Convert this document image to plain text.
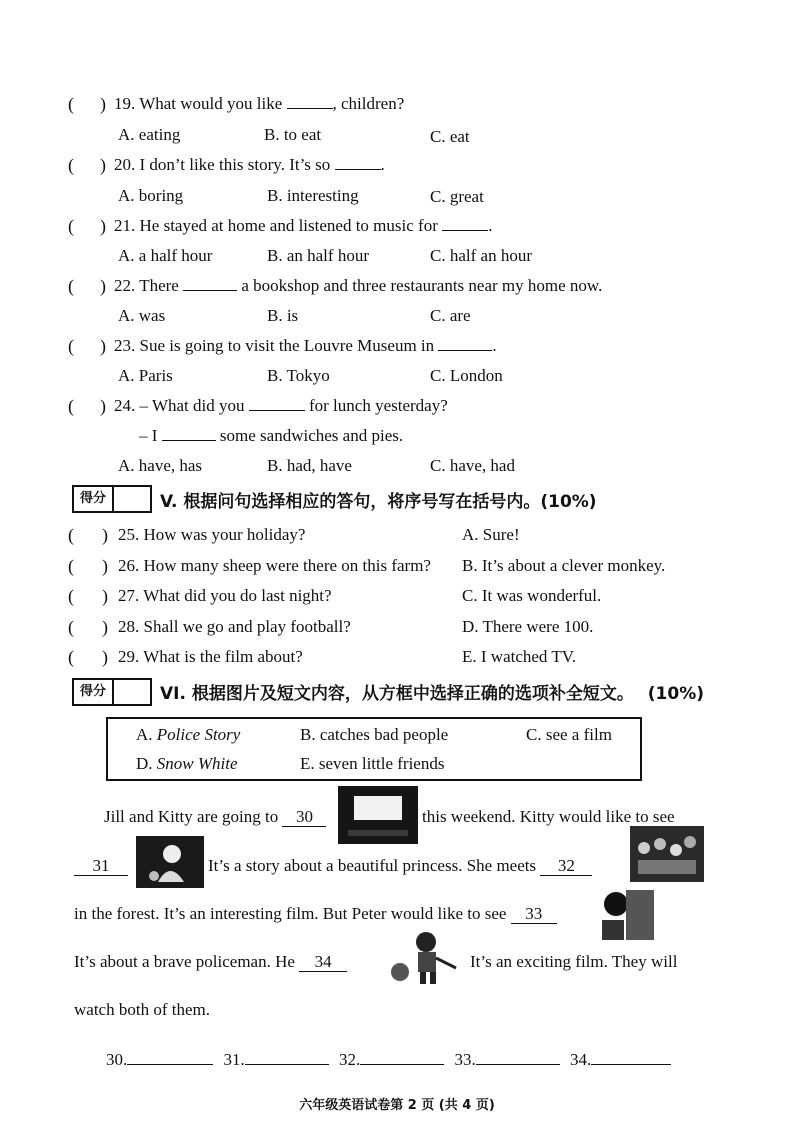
( ) 19. What would you like	, children?
A. eating	B. to eat	C. eat
( ) 20. I don’t like this story. It’s so	.
A. boring	B. interesting	C. great
( ) 21. He stayed at home and listened to music for	.
A. a half hour	B. an half hour	C. half an hour
( ) 22. There	a bookshop and three restaurants near my home now.
A. was	B. is	C. are
( ) 23. Sue is going to visit the Louvre Museum in	.
A. Paris	B. Tokyo	C. London
( ) 24. – What did you	for lunch yesterday?
– I	some sandwiches and pies.
A. have, has	B. had, have	C. have, had
得分	V. 根据问句选择相应的答句，将序号写在括号内。(10%)
( ) 25. How was your holiday?	A. Sure!
( ) 26. How many sheep were there on this farm? B. It’s about a clever monkey.
( ) 27. What did you do last night?	C. It was wonderful.
( ) 28. Shall we go and play football?	D. There were 100.
( ) 29. What is the film about?	E. I watched TV.
得分	VI. 根据图片及短文内容，从方框中选择正确的选项补全短文。 (10%)
A. Police Story	B. catches bad people	C. see a film
D. Snow White	E. seven little friends
Jill and Kitty are going to 30	this weekend. Kitty would like to see
31	It’s a story about a beautiful princess. She meets 32
in the forest. It’s an interesting film. But Peter would like to see 33
It’s about a brave policeman. He 34	It’s an exciting film. They will
watch both of them.
30.	31.	32.	33.	34.
六年级英语试卷第 2 页 (共 4 页)
